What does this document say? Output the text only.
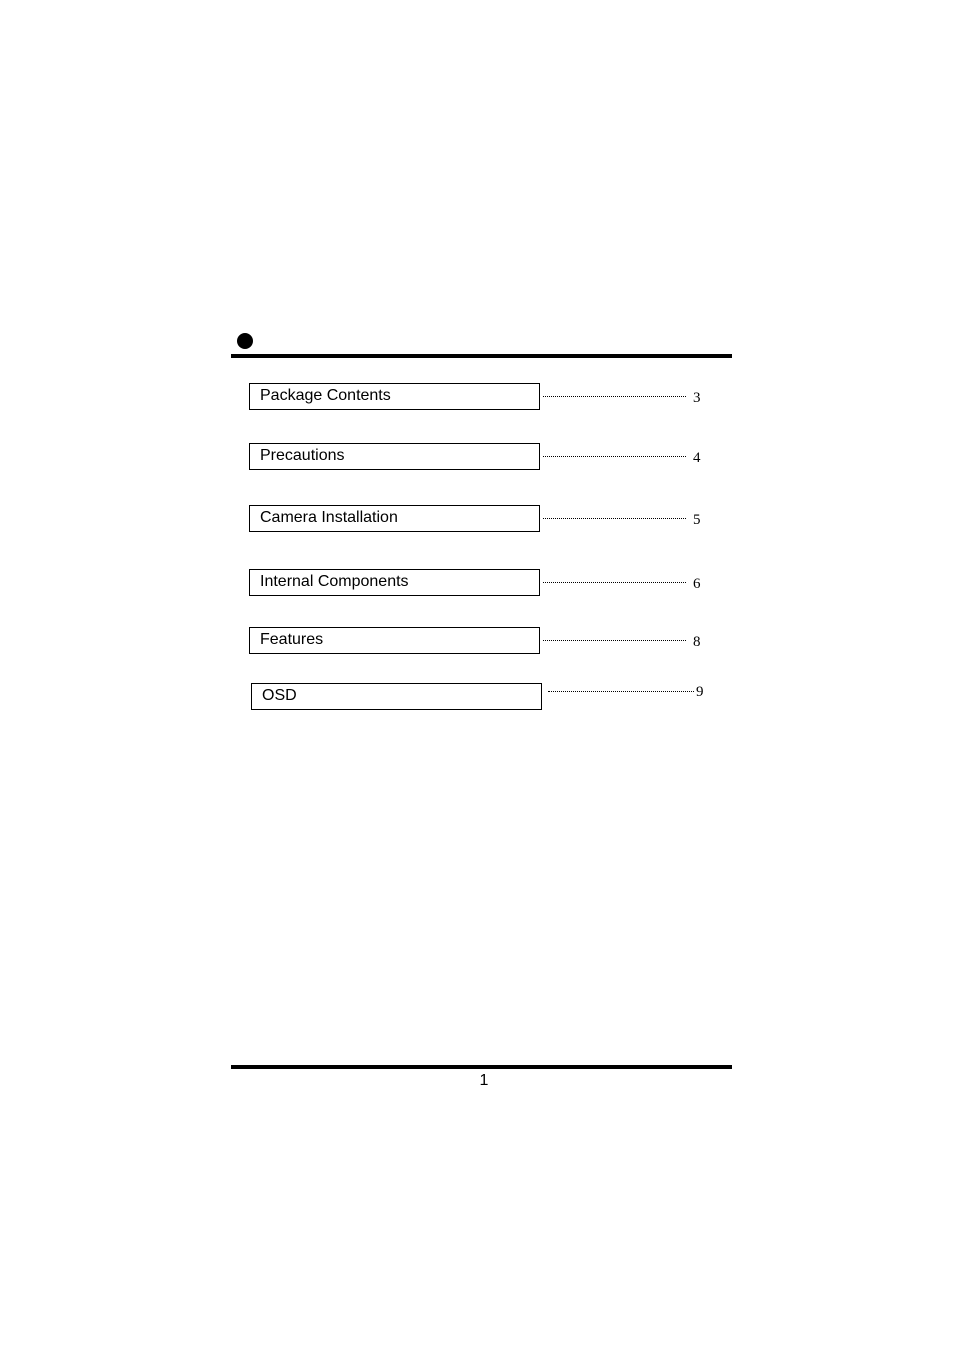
Package Contents	3
Precautions	4
Camera Installation	5
Internal Components	6
Features	8
OSD	9
1
